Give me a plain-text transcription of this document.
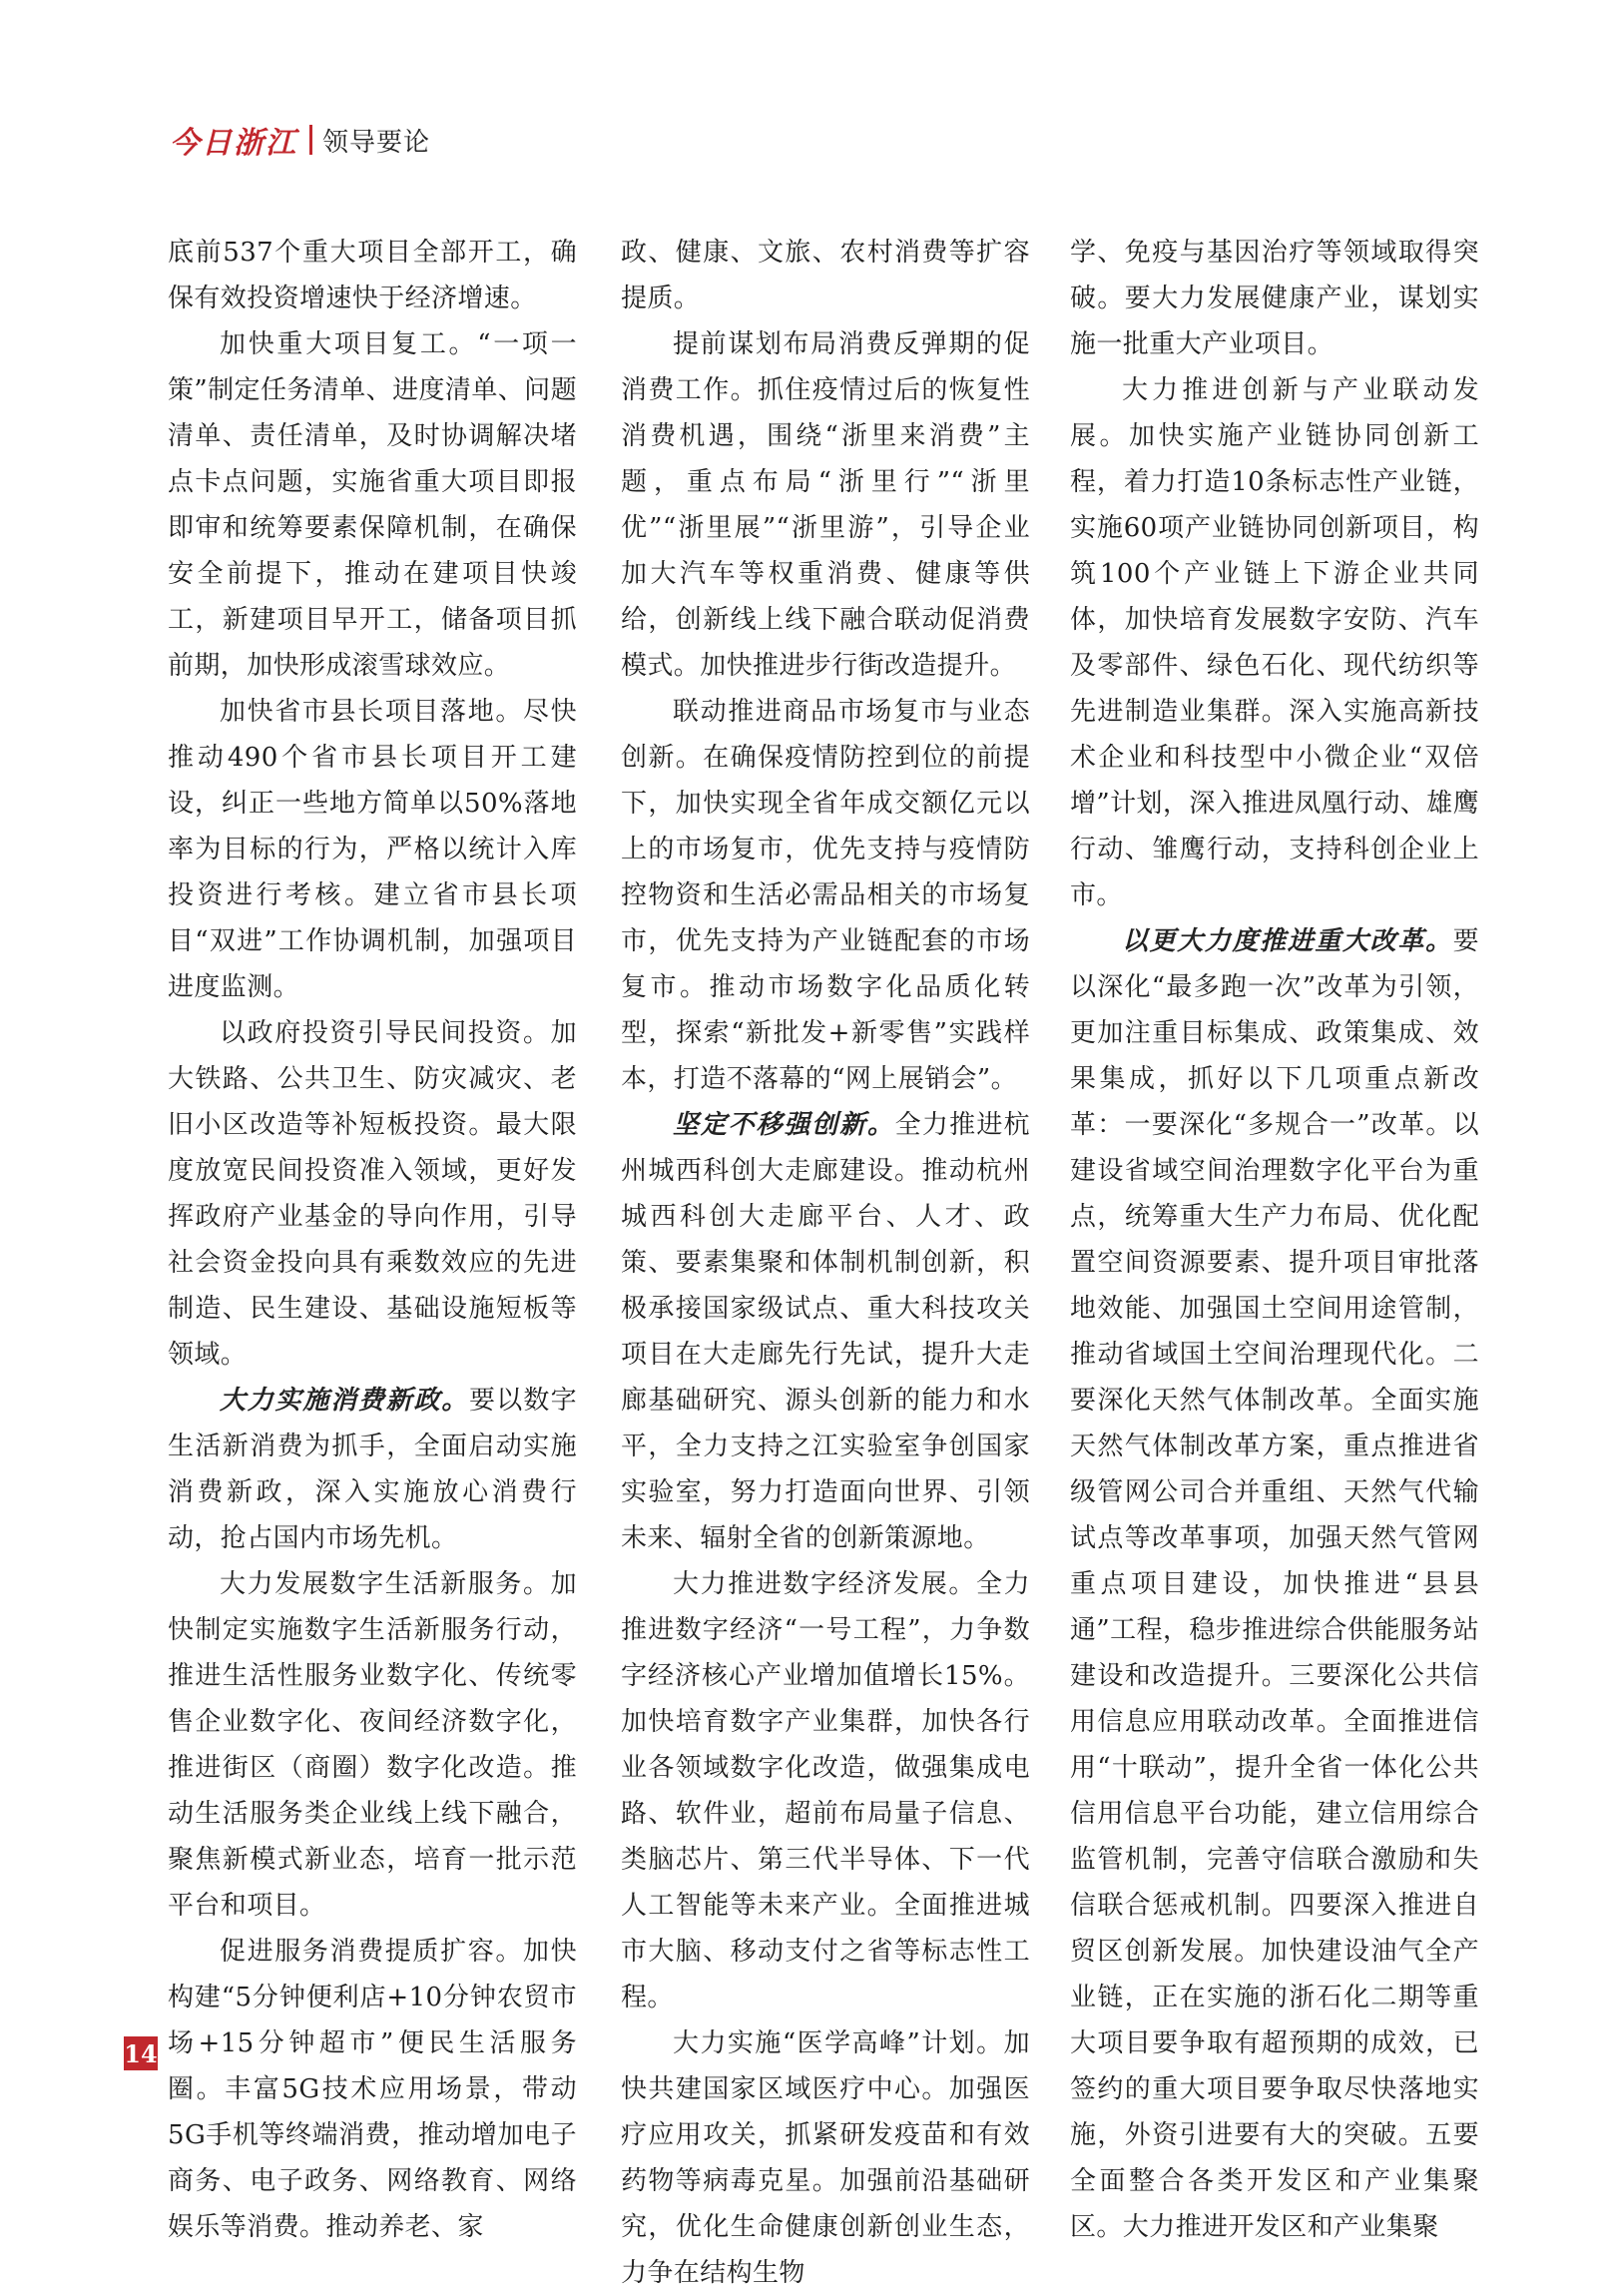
今日浙江 领导要论

底前537个重大项目全部开工，确保有效投资增速快于经济增速。

加快重大项目复工。“一项一策”制定任务清单、进度清单、问题清单、责任清单，及时协调解决堵点卡点问题，实施省重大项目即报即审和统筹要素保障机制，在确保安全前提下，推动在建项目快竣工，新建项目早开工，储备项目抓前期，加快形成滚雪球效应。

加快省市县长项目落地。尽快推动490个省市县长项目开工建设，纠正一些地方简单以50%落地率为目标的行为，严格以统计入库投资进行考核。建立省市县长项目“双进”工作协调机制，加强项目进度监测。

以政府投资引导民间投资。加大铁路、公共卫生、防灾减灾、老旧小区改造等补短板投资。最大限度放宽民间投资准入领域，更好发挥政府产业基金的导向作用，引导社会资金投向具有乘数效应的先进制造、民生建设、基础设施短板等领域。

大力实施消费新政。要以数字生活新消费为抓手，全面启动实施消费新政，深入实施放心消费行动，抢占国内市场先机。

大力发展数字生活新服务。加快制定实施数字生活新服务行动，推进生活性服务业数字化、传统零售企业数字化、夜间经济数字化，推进街区（商圈）数字化改造。推动生活服务类企业线上线下融合，聚焦新模式新业态，培育一批示范平台和项目。

促进服务消费提质扩容。加快构建“5分钟便利店+10分钟农贸市场+15分钟超市”便民生活服务圈。丰富5G技术应用场景，带动5G手机等终端消费，推动增加电子商务、电子政务、网络教育、网络娱乐等消费。推动养老、家

政、健康、文旅、农村消费等扩容提质。

提前谋划布局消费反弹期的促消费工作。抓住疫情过后的恢复性消费机遇，围绕“浙里来消费”主题，重点布局“浙里行”“浙里优”“浙里展”“浙里游”，引导企业加大汽车等权重消费、健康等供给，创新线上线下融合联动促消费模式。加快推进步行街改造提升。

联动推进商品市场复市与业态创新。在确保疫情防控到位的前提下，加快实现全省年成交额亿元以上的市场复市，优先支持与疫情防控物资和生活必需品相关的市场复市，优先支持为产业链配套的市场复市。推动市场数字化品质化转型，探索“新批发+新零售”实践样本，打造不落幕的“网上展销会”。

坚定不移强创新。全力推进杭州城西科创大走廊建设。推动杭州城西科创大走廊平台、人才、政策、要素集聚和体制机制创新，积极承接国家级试点、重大科技攻关项目在大走廊先行先试，提升大走廊基础研究、源头创新的能力和水平，全力支持之江实验室争创国家实验室，努力打造面向世界、引领未来、辐射全省的创新策源地。

大力推进数字经济发展。全力推进数字经济“一号工程”，力争数字经济核心产业增加值增长15%。加快培育数字产业集群，加快各行业各领域数字化改造，做强集成电路、软件业，超前布局量子信息、类脑芯片、第三代半导体、下一代人工智能等未来产业。全面推进城市大脑、移动支付之省等标志性工程。

大力实施“医学高峰”计划。加快共建国家区域医疗中心。加强医疗应用攻关，抓紧研发疫苗和有效药物等病毒克星。加强前沿基础研究，优化生命健康创新创业生态，力争在结构生物

学、免疫与基因治疗等领域取得突破。要大力发展健康产业，谋划实施一批重大产业项目。

大力推进创新与产业联动发展。加快实施产业链协同创新工程，着力打造10条标志性产业链，实施60项产业链协同创新项目，构筑100个产业链上下游企业共同体，加快培育发展数字安防、汽车及零部件、绿色石化、现代纺织等先进制造业集群。深入实施高新技术企业和科技型中小微企业“双倍增”计划，深入推进凤凰行动、雄鹰行动、雏鹰行动，支持科创企业上市。

以更大力度推进重大改革。要以深化“最多跑一次”改革为引领，更加注重目标集成、政策集成、效果集成，抓好以下几项重点新改革：一要深化“多规合一”改革。以建设省域空间治理数字化平台为重点，统筹重大生产力布局、优化配置空间资源要素、提升项目审批落地效能、加强国土空间用途管制，推动省域国土空间治理现代化。二要深化天然气体制改革。全面实施天然气体制改革方案，重点推进省级管网公司合并重组、天然气代输试点等改革事项，加强天然气管网重点项目建设，加快推进“县县通”工程，稳步推进综合供能服务站建设和改造提升。三要深化公共信用信息应用联动改革。全面推进信用“十联动”，提升全省一体化公共信用信息平台功能，建立信用综合监管机制，完善守信联合激励和失信联合惩戒机制。四要深入推进自贸区创新发展。加快建设油气全产业链，正在实施的浙石化二期等重大项目要争取有超预期的成效，已签约的重大项目要争取尽快落地实施，外资引进要有大的突破。五要全面整合各类开发区和产业集聚区。大力推进开发区和产业集聚

14
